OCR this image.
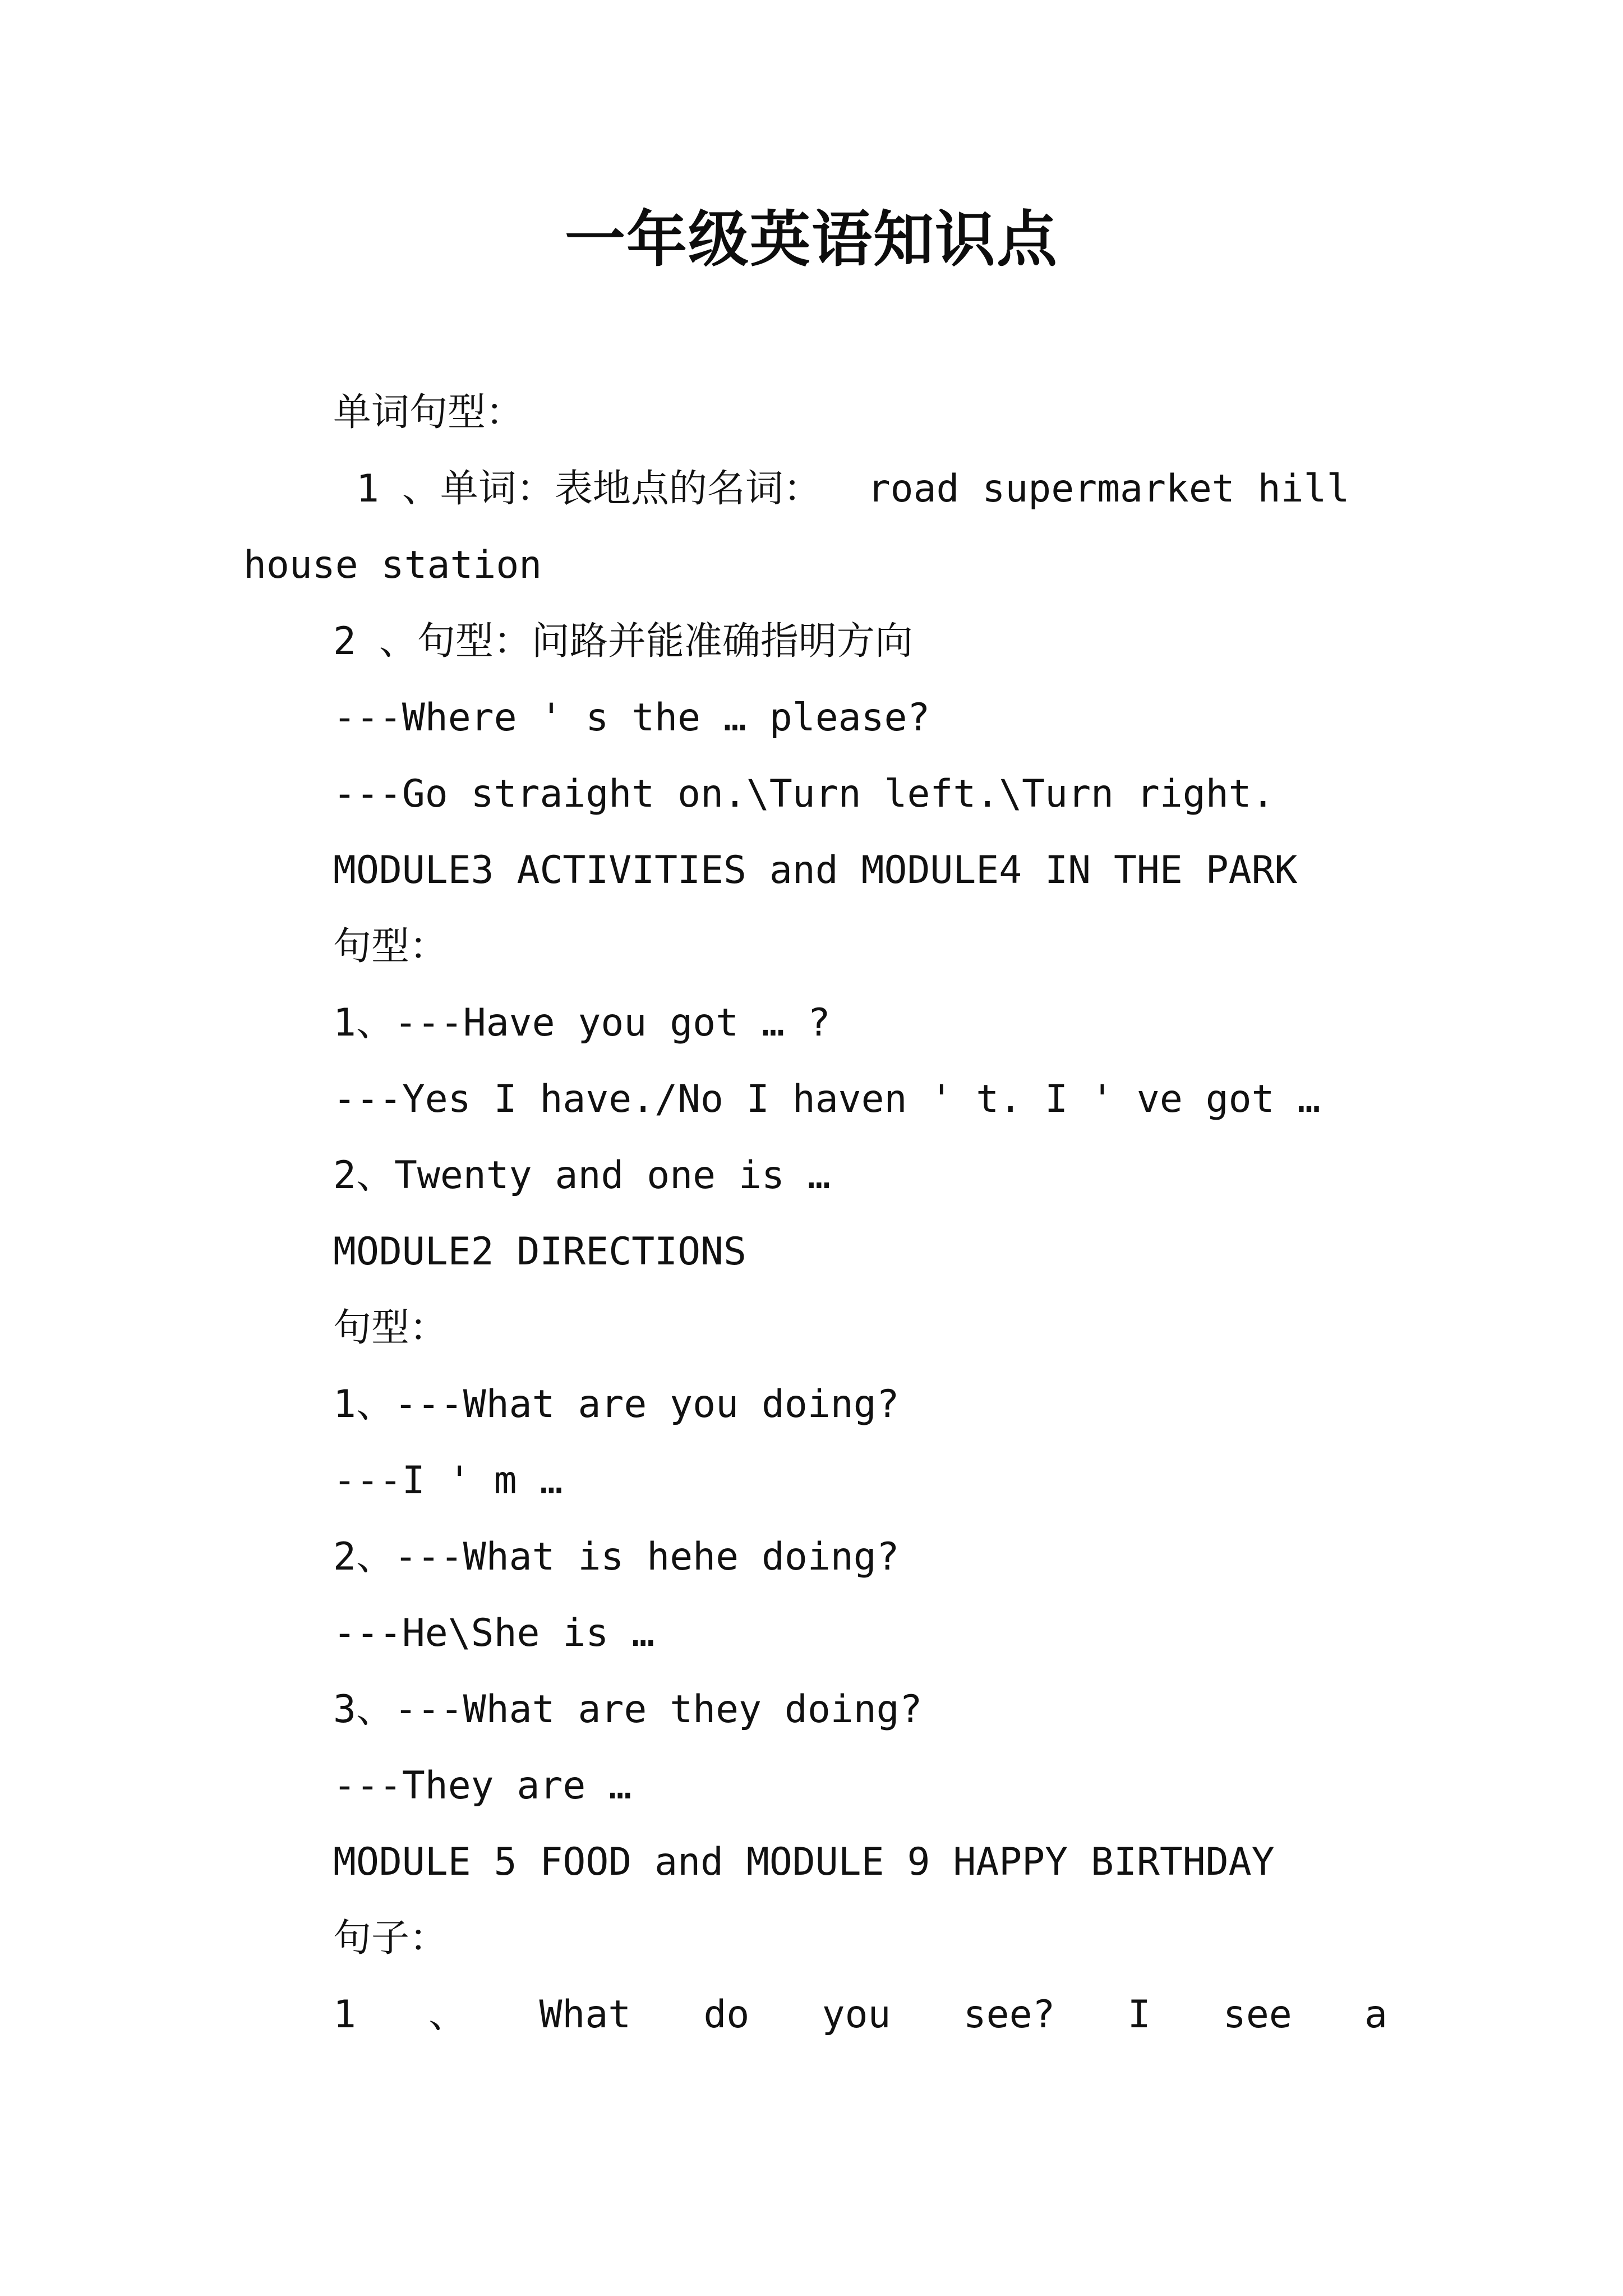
一年级英语知识点
单词句型：
1 、单词：表地点的名词：  road supermarket hill
house station
2 、句型：问路并能准确指明方向
---Where ' s the … please?
---Go straight on.\Turn left.\Turn right.
MODULE3 ACTIVITIES and MODULE4 IN THE PARK
句型：
1、---Have you got … ?
---Yes I have./No I haven ' t. I ' ve got …
2、Twenty and one is …
MODULE2 DIRECTIONS
句型：
1、---What are you doing?
---I ' m …
2、---What is hehe doing?
---He\She is …
3、---What are they doing?
---They are …
MODULE 5 FOOD and MODULE 9 HAPPY BIRTHDAY
句子：
1 、 What do you see? I see a
